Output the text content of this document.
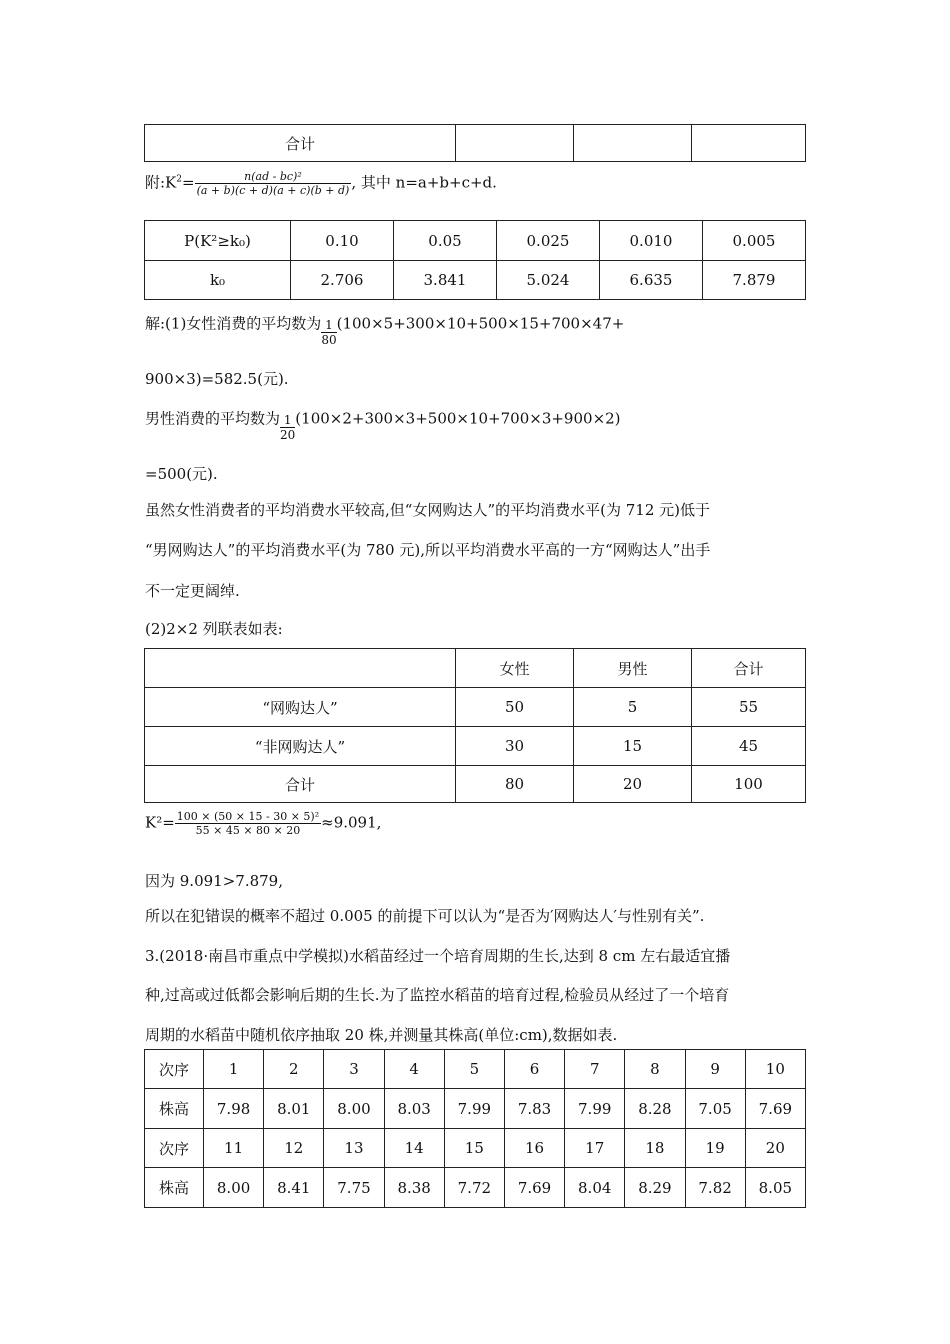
合计			
附$:K^2= \frac{\text{n(ad - bc)²}}{(a + b)(c + d)(a + c)(b + d)}$ , 其中 n=a+b+c+d.
P(K²≥k₀)	0.10	0.05	0.025	0.010	0.005
k₀	2.706	3.841	5.024	6.635	7.879
解:(1)女性消费的平均数为 $\frac{1}{80} (100\times 5+300\times 10+500\times 15+700\times 47+$
900×3)=582.5(元).
男性消费的平均数为 $\frac{1}{20} (100\times 2+300\times 3+500\times 10+700\times 3+900\times 2)$
=500(元).
虽然女性消费者的平均消费水平较高,但“女网购达人”的平均消费水平(为 712 元)低于
“男网购达人”的平均消费水平(为 780 元),所以平均消费水平高的一方“网购达人”出手
不一定更阔绰.
(2)2×2 列联表如表:
	女性	男性	合计
“网购达人”	50	5	55
“非网购达人”	30	15	45
合计	80	20	100
$K^2= \frac{\text{100 × (50 × 15 - 30 × 5)²}}{55 \times 45 \times 80 \times 20} \approx 9.091$,
因为 9.091>7.879,
所以在犯错误的概率不超过 0.005 的前提下可以认为“是否为′网购达人′与性别有关”.
3.(2018·南昌市重点中学模拟)水稻苗经过一个培育周期的生长,达到 8 cm 左右最适宜播
种,过高或过低都会影响后期的生长.为了监控水稻苗的培育过程,检验员从经过了一个培育
周期的水稻苗中随机依序抽取 20 株,并测量其株高(单位:cm),数据如表.
次序	1	2	3	4	5	6	7	8	9	10
株高	7.98	8.01	8.00	8.03	7.99	7.83	7.99	8.28	7.05	7.69
次序	11	12	13	14	15	16	17	18	19	20
株高	8.00	8.41	7.75	8.38	7.72	7.69	8.04	8.29	7.82	8.05
